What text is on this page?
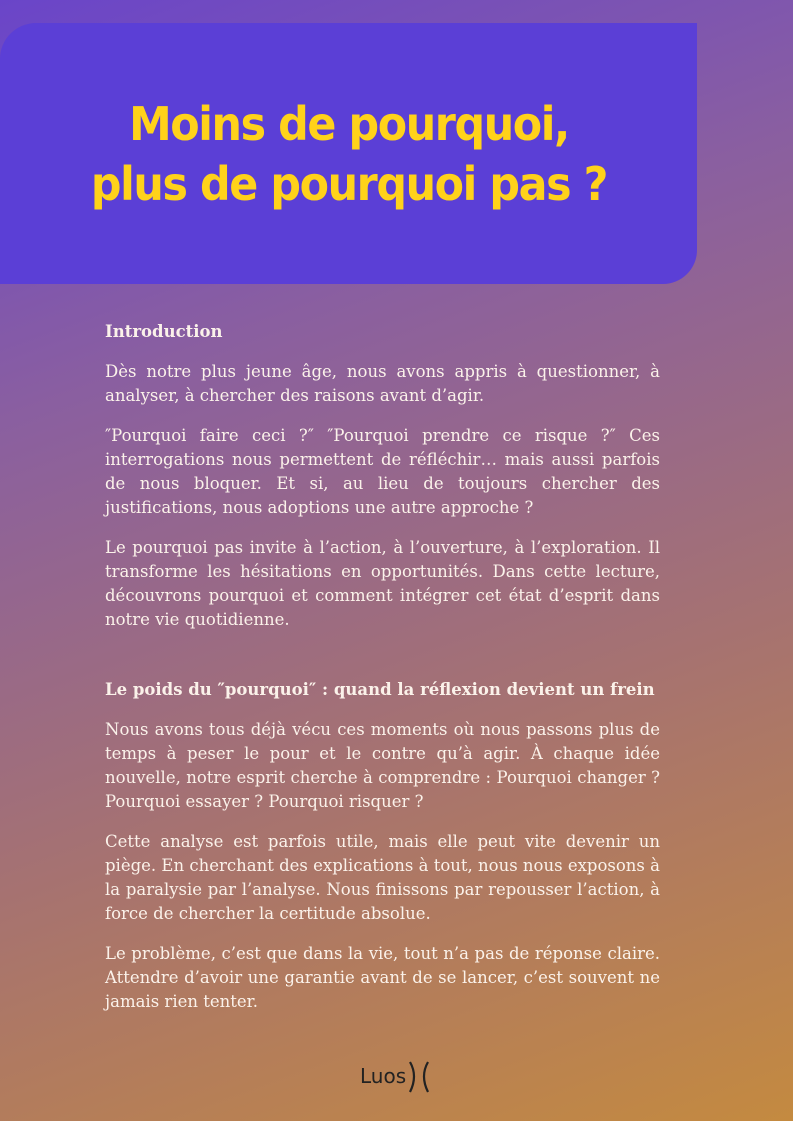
Moins de pourquoi, plus de pourquoi pas ?
Introduction

Dès notre plus jeune âge, nous avons appris à questionner, à analyser, à chercher des raisons avant d’agir.

″Pourquoi faire ceci ?″ ″Pourquoi prendre ce risque ?″ Ces interrogations nous permettent de réfléchir… mais aussi parfois de nous bloquer. Et si, au lieu de toujours chercher des justifications, nous adoptions une autre approche ?

Le pourquoi pas invite à l’action, à l’ouverture, à l’exploration. Il transforme les hésitations en opportunités. Dans cette lecture, découvrons pourquoi et comment intégrer cet état d’esprit dans notre vie quotidienne.

Le poids du ″pourquoi″ : quand la réflexion devient un frein

Nous avons tous déjà vécu ces moments où nous passons plus de temps à peser le pour et le contre qu’à agir. À chaque idée nouvelle, notre esprit cherche à comprendre : Pourquoi changer ? Pourquoi essayer ? Pourquoi risquer ?

Cette analyse est parfois utile, mais elle peut vite devenir un piège. En cherchant des explications à tout, nous nous exposons à la paralysie par l’analyse. Nous finissons par repousser l’action, à force de chercher la certitude absolue.

Le problème, c’est que dans la vie, tout n’a pas de réponse claire. Attendre d’avoir une garantie avant de se lancer, c’est souvent ne jamais rien tenter.

Luos
